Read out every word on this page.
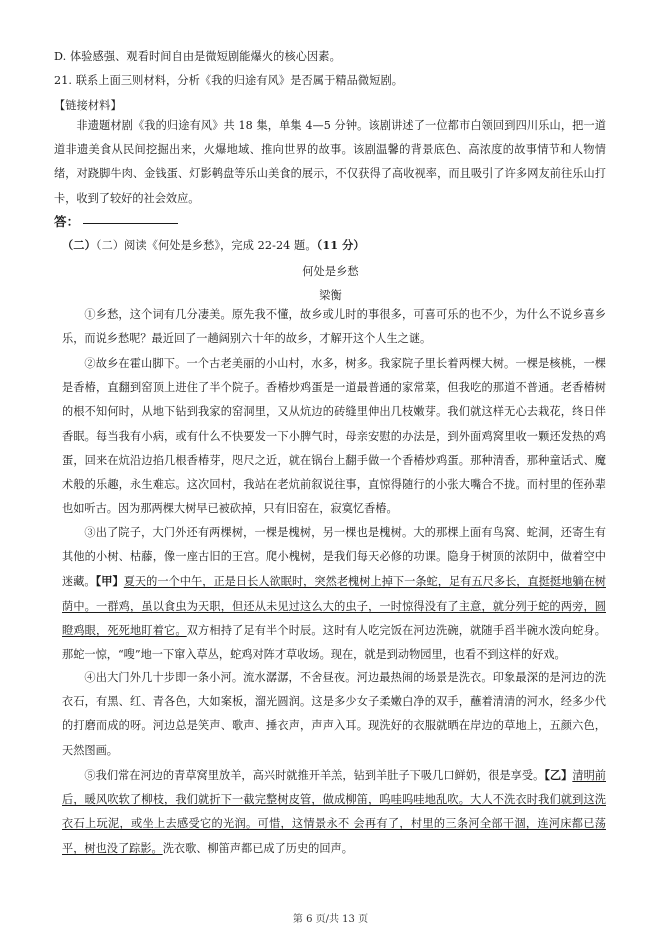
D. 体验感强、观看时间自由是微短剧能爆火的核心因素。
21. 联系上面三则材料，分析《我的归途有风》是否属于精品微短剧。
【链接材料】
非遗题材剧《我的归途有风》共 18 集，单集 4—5 分钟。该剧讲述了一位都市白领回到四川乐山，把一道道非遗美食从民间挖掘出来，火爆地域、推向世界的故事。该剧温馨的背景底色、高浓度的故事情节和人物情绪，对跷脚牛肉、金钱蛋、灯影鹌盘等乐山美食的展示，不仅获得了高收视率，而且吸引了许多网友前往乐山打卡，收到了较好的社会效应。
答：
（二）（二）阅读《何处是乡愁》，完成 22-24 题。（11 分）
何处是乡愁
梁衡
①乡愁，这个词有几分凄美。原先我不懂，故乡或儿时的事很多，可喜可乐的也不少，为什么不说乡喜乡乐，而说乡愁呢？最近回了一趟阔别六十年的故乡，才解开这个人生之谜。
②故乡在霍山脚下。一个古老美丽的小山村，水多，树多。我家院子里长着两棵大树。一棵是核桃，一棵是香椿，直翻到窑顶上进住了半个院子。香椿炒鸡蛋是一道最普通的家常菜，但我吃的那道不普通。老香椿树的根不知何时，从地下钻到我家的窑洞里，又从炕边的砖缝里伸出几枝嫩芽。我们就这样无心去栽花，终日伴香眠。每当我有小病，或有什么不快要发一下小脾气时，母亲安慰的办法是，到外面鸡窝里收一颗还发热的鸡蛋，回来在炕沿边掐几根香椿芽，咫尺之近，就在锅台上翻手做一个香椿炒鸡蛋。那种清香，那种童话式、魔术般的乐趣，永生难忘。这次回村，我站在老炕前叙说往事，直惊得随行的小张大嘴合不拢。而村里的侄孙辈也如听古。因为那两棵大树早已被砍掉，只有旧窑在，寂寞忆香椿。
③出了院子，大门外还有两棵树，一棵是槐树，另一棵也是槐树。大的那棵上面有鸟窝、蛇洞，还寄生有其他的小树、枯藤，像一座古旧的王宫。爬小槐树，是我们每天必修的功课。隐身于树顶的浓阴中，做着空中迷藏。【甲】夏天的一个中午，正是日长人欲眠时，突然老槐树上掉下一条蛇，足有五尺多长，直挺挺地躺在树荫中。一群鸡，虽以食虫为天职，但还从未见过这么大的虫子，一时惊得没有了主意，就分列于蛇的两旁，圆瞪鸡眼，死死地盯着它。双方相持了足有半个时辰。这时有人吃完饭在河边洗碗，就随手舀半碗水泼向蛇身。那蛇一惊，“嗖”地一下窜入草丛，蛇鸡对阵才草收场。现在，就是到动物园里，也看不到这样的好戏。
④出大门外几十步即一条小河。流水潺潺，不舍昼夜。河边最热闹的场景是洗衣。印象最深的是河边的洗衣石，有黑、红、青各色，大如案板，溜光圆润。这是多少女子柔嫩白净的双手，蘸着清清的河水，经多少代的打磨而成的呀。河边总是笑声、歌声、捶衣声，声声入耳。现洗好的衣服就晒在岸边的草地上，五颜六色，天然图画。
⑤我们常在河边的青草窝里放羊，高兴时就推开羊羔，钻到羊肚子下吸几口鲜奶，很是享受。【乙】清明前后，暖风吹软了柳枝，我们就折下一截完整树皮管，做成柳笛，呜哇呜哇地乱吹。大人不洗衣时我们就到这洗衣石上玩泥，或坐上去感受它的光润。可惜，这情景永不 会再有了，村里的三条河全部干涸，连河床都已荡平，树也没了踪影。洗衣歌、柳笛声都已成了历史的回声。
第 6 页/共 13 页
